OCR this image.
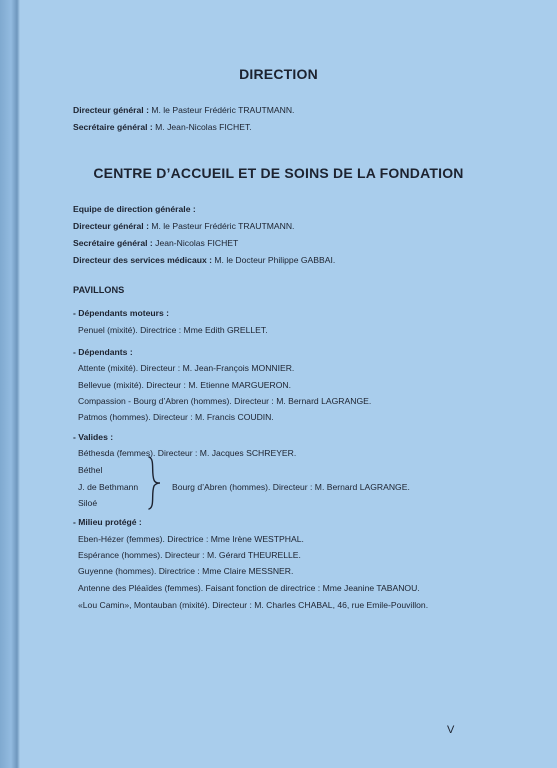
DIRECTION
Directeur général : M. le Pasteur Frédéric TRAUTMANN.
Secrétaire général : M. Jean-Nicolas FICHET.
CENTRE D’ACCUEIL ET DE SOINS DE LA FONDATION
Equipe de direction générale :
Directeur général : M. le Pasteur Frédéric TRAUTMANN.
Secrétaire général : Jean-Nicolas FICHET
Directeur des services médicaux : M. le Docteur Philippe GABBAI.
PAVILLONS
- Dépendants moteurs :
Penuel (mixité). Directrice : Mme Edith GRELLET.
- Dépendants :
Attente (mixité). Directeur : M. Jean-François MONNIER.
Bellevue (mixité). Directeur : M. Etienne MARGUERON.
Compassion - Bourg d’Abren (hommes). Directeur : M. Bernard LAGRANGE.
Patmos (hommes). Directeur : M. Francis COUDIN.
- Valides :
Béthesda (femmes). Directeur : M. Jacques SCHREYER.
Béthel
J. de Bethmann
Siloé
Bourg d’Abren (hommes). Directeur : M. Bernard LAGRANGE.
- Milieu protégé :
Eben-Hézer (femmes). Directrice : Mme Irène WESTPHAL.
Espérance (hommes). Directeur : M. Gérard THEURELLE.
Guyenne (hommes). Directrice : Mme Claire MESSNER.
Antenne des Pléaïdes (femmes). Faisant fonction de directrice : Mme Jeanine TABANOU.
«Lou Camin», Montauban (mixité). Directeur : M. Charles CHABAL, 46, rue Emile-Pouvillon.
V
